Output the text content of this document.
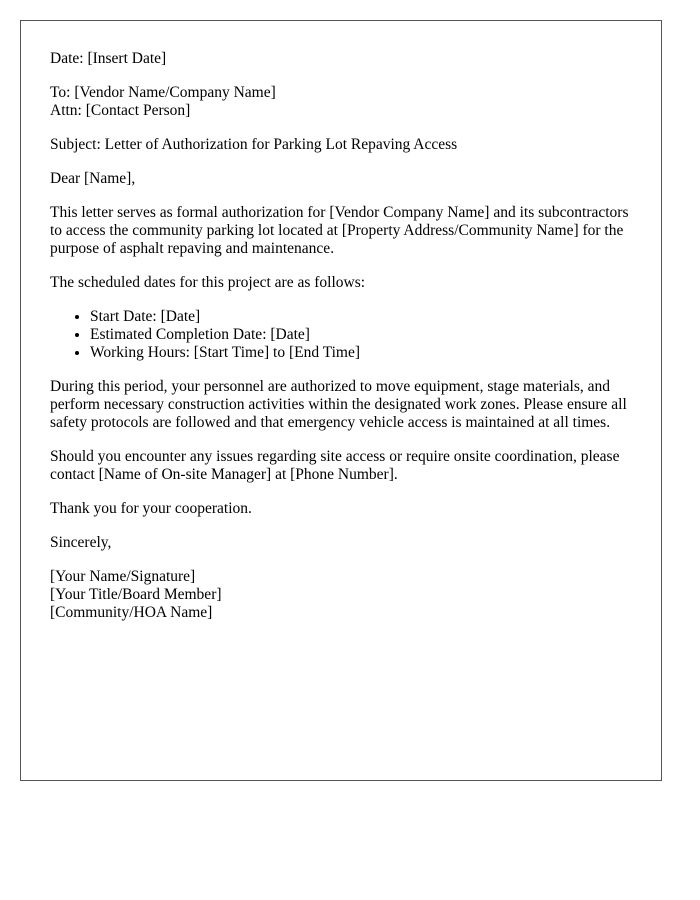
Date: [Insert Date]

To: [Vendor Name/Company Name]
Attn: [Contact Person]

Subject: Letter of Authorization for Parking Lot Repaving Access

Dear [Name],

This letter serves as formal authorization for [Vendor Company Name] and its subcontractors to access the community parking lot located at [Property Address/Community Name] for the purpose of asphalt repaving and maintenance.

The scheduled dates for this project are as follows:

• Start Date: [Date]
• Estimated Completion Date: [Date]
• Working Hours: [Start Time] to [End Time]

During this period, your personnel are authorized to move equipment, stage materials, and perform necessary construction activities within the designated work zones. Please ensure all safety protocols are followed and that emergency vehicle access is maintained at all times.

Should you encounter any issues regarding site access or require onsite coordination, please contact [Name of On-site Manager] at [Phone Number].

Thank you for your cooperation.

Sincerely,

[Your Name/Signature]
[Your Title/Board Member]
[Community/HOA Name]
